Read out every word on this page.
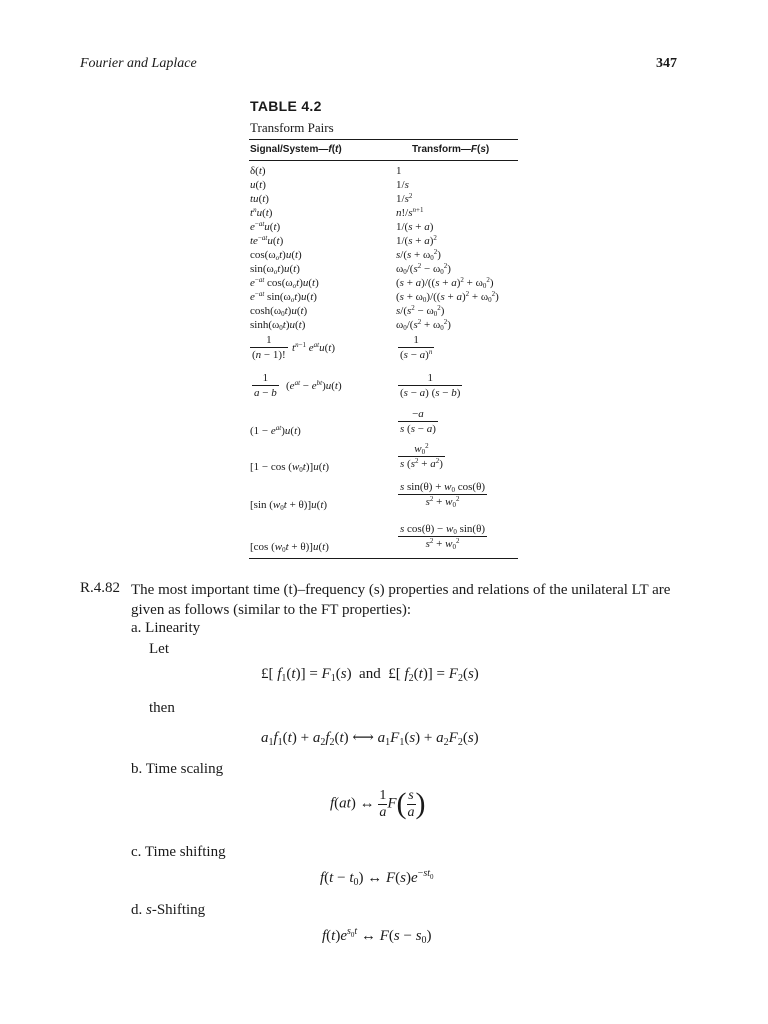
Fourier and Laplace	347
TABLE 4.2
Transform Pairs
Signal/System—f(t)	Transform—F(s)
δ(t)	1
u(t)	1/s
tu(t)	$1/s^2$
$t^nu(t)$	$n!/s^{n+1}$
$e^{-at}u(t)$	1/(s + a)
$te^{-at}u(t)$	$1/(s + a)^2$
$\cos(\omega_ot)u(t)$	$s/(s + \omega_0^2)$
$\sin(\omega_ot)u(t)$	$\omega_0/(s^2 - \omega_0^2)$
$e^{-at}$ $\cos(\omega_ot)u(t)$	$(s + a)/((s + a)^2 + \omega_0^2)$
$e^{-at}$ $\sin(\omega_ot)u(t)$	$(s + \omega_0)/((s + a)^2 + \omega_0^2)$
$\cosh(\omega_0t)u(t)$	$s/(s^2 - \omega_0^2)$
$\sinh(\omega_0t)u(t)$	$\omega_0/(s^2 + \omega_0^2)$
$\frac{1}{(n - 1)!} t^{n-1}$ $e^{at}u(t)$	$\frac{1}{(s - a)^n}$
$\frac{1}{a - b} (e^{at} - e^{bt})u(t)$	$\frac{1}{(s - a) (s - b)}$
$(1 - e^{at})u(t)$	$\frac{-a}{s (s - a)}$
$[1 - \cos (w_0t)]u(t)$	$\frac{w_0^2}{s (s^2 + a^2)}$
[sin $(w_0t + \theta)]u(t)$	$\frac{s \sin(\theta) + w_0 \cos(\theta)}{s^2 + w_0^2}$
[cos $(w_0t + \theta)]u(t)$	$\frac{s \cos(\theta) - w_0 \sin(\theta)}{s^2 + w_0^2}$
R.4.82 The most important time (t)–frequency (s) properties and relations of the unilateral LT are given as follows (similar to the FT properties):
a. Linearity
Let
£[ $f_1(t)] = F_1(s)$  and  £[ $f_2(t)] = F_2(s)$
then
$a_1f_1(t) + a_2f_2(t)$ ⟷ $a_1F_1(s) + a_2F_2(s)$
b. Time scaling
f(at) ↔ $\frac{1}{a} F( \frac{s}{a}$ )
c. Time shifting
$f(t - t_0)$ ↔ $F(s)e^{-st_0}$
d. s-Shifting
$f(t)e^{s_0t}$ ↔ $F(s - s_0)$
